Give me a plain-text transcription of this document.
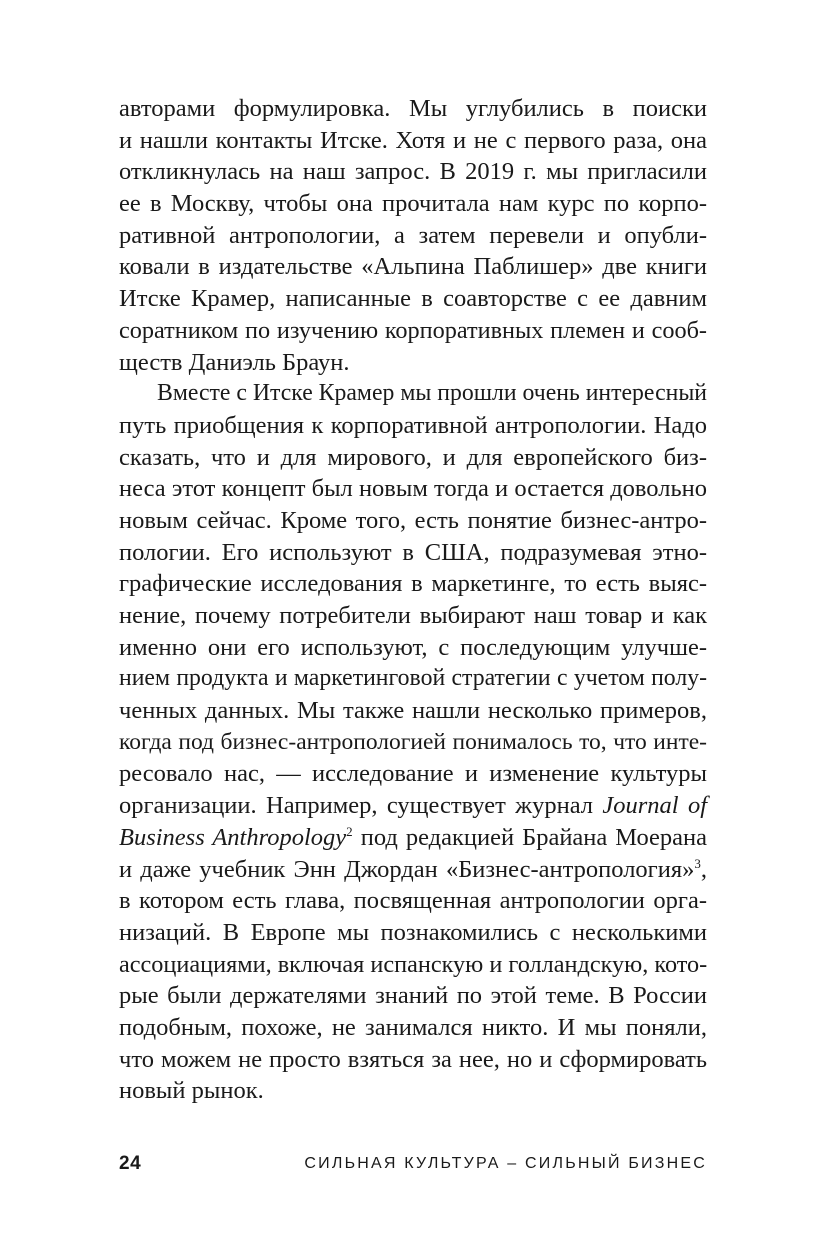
авторами формулировка. Мы углубились в поиски
и нашли контакты Итске. Хотя и не с первого раза, она
откликнулась на наш запрос. В 2019 г. мы пригласили
ее в Москву, чтобы она прочитала нам курс по корпо-
ративной антропологии, а затем перевели и опубли-
ковали в издательстве «Альпина Паблишер» две книги
Итске Крамер, написанные в соавторстве с ее давним
соратником по изучению корпоративных племен и сооб-
ществ Даниэль Браун.
Вместе с Итске Крамер мы прошли очень интересный
путь приобщения к корпоративной антропологии. Надо
сказать, что и для мирового, и для европейского биз-
неса этот концепт был новым тогда и остается довольно
новым сейчас. Кроме того, есть понятие бизнес-антро-
пологии. Его используют в США, подразумевая этно-
графические исследования в маркетинге, то есть выяс-
нение, почему потребители выбирают наш товар и как
именно они его используют, с последующим улучше-
нием продукта и маркетинговой стратегии с учетом полу-
ченных данных. Мы также нашли несколько примеров,
когда под бизнес-антропологией понималось то, что инте-
ресовало нас, — исследование и изменение культуры
организации. Например, существует журнал Journal of
Business Anthropology$^2$ под редакцией Брайана Моерана
и даже учебник Энн Джордан «Бизнес-антропология»$^3$,
в котором есть глава, посвященная антропологии орга-
низаций. В Европе мы познакомились с несколькими
ассоциациями, включая испанскую и голландскую, кото-
рые были держателями знаний по этой теме. В России
подобным, похоже, не занимался никто. И мы поняли,
что можем не просто взяться за нее, но и сформировать
новый рынок.
24	СИЛЬНАЯ КУЛЬТУРА – СИЛЬНЫЙ БИЗНЕС
